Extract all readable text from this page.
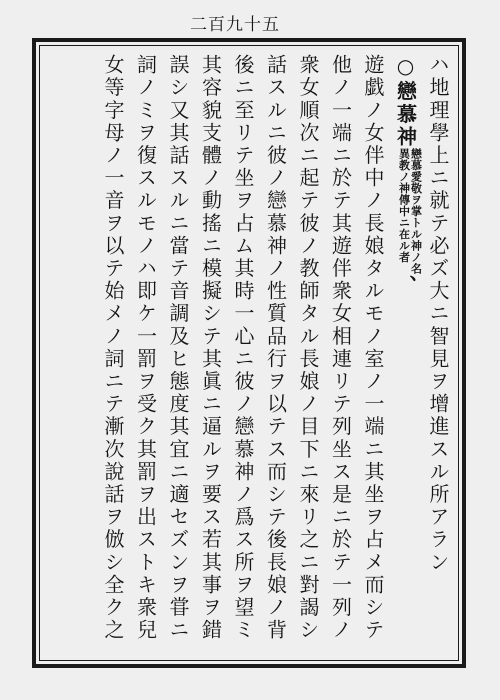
二百九十五
ハ地理學上ニ就テ必ズ大ニ智見ヲ增進スル所アラン
○戀慕神
戀慕愛敬ヲ掌トル神ノ名
異教ノ神傳中ニ在ル者
、
遊戯ノ女伴中ノ長娘タルモノ室ノ一端ニ其坐ヲ占メ而シテ
他ノ一端ニ於テ其遊伴衆女相連リテ列坐ス是ニ於テ一列ノ
衆女順次ニ起テ彼ノ教師タル長娘ノ目下ニ來リ之ニ對謁シ
話スルニ彼ノ戀慕神ノ性質品行ヲ以テス而シテ後長娘ノ背
後ニ至リテ坐ヲ占ム其時一心ニ彼ノ戀慕神ノ爲ス所ヲ望ミ
其容貌支體ノ動搖ニ模擬シテ其眞ニ逼ルヲ要ス若其事ヲ錯
誤シ又其話スルニ當テ音調及ヒ態度其宜ニ適セズンヲ甞ニ
詞ノミヲ復スルモノハ即ケ一罰ヲ受ク其罰ヲ出ストキ衆兒
女等字母ノ一音ヲ以テ始メノ詞ニテ漸次說話ヲ倣シ全ク之
